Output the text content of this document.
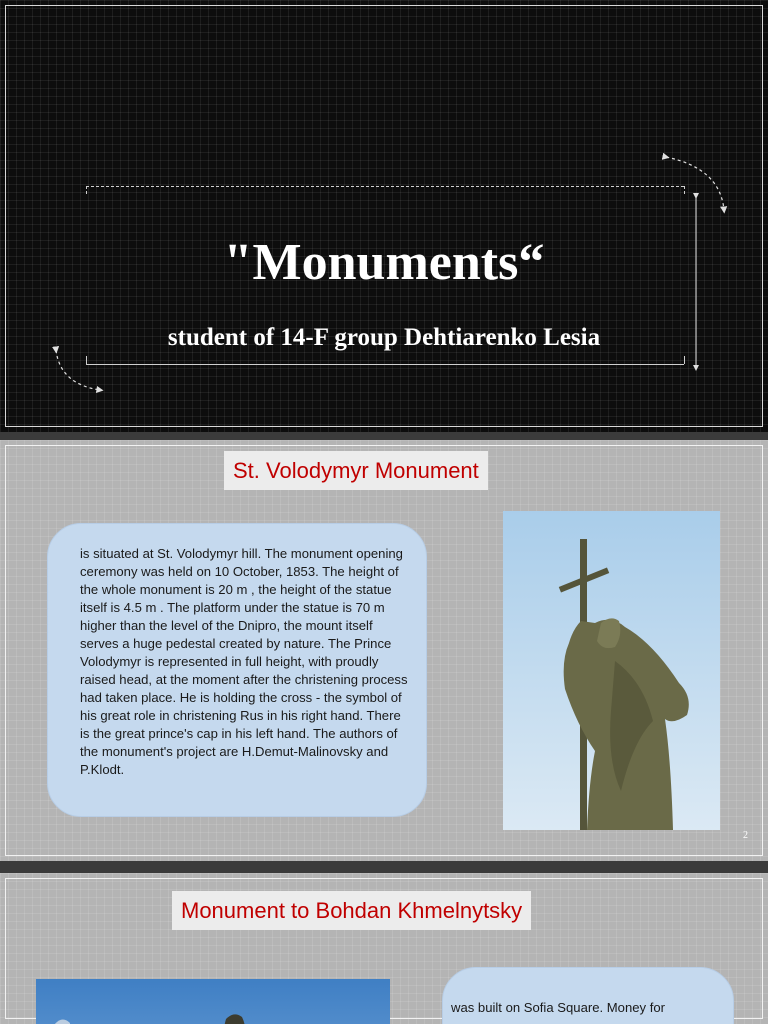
"Monuments“
student of 14-F group Dehtiarenko Lesia
St. Volodymyr Monument
is situated at St. Volodymyr hill. The monument opening ceremony was held on 10 October, 1853. The height of the whole monument is 20 m , the height of the statue itself is 4.5 m . The platform under the statue is 70 m higher than the level of the Dnipro, the mount itself serves a huge pedestal created by nature. The Prince Volodymyr is represented in full height, with proudly raised head, at the moment after the christening process had taken place. He is holding the cross - the symbol of his great role in christening Rus in his right hand. There is the great prince's cap in his left hand. The authors of the monument's project are H.Demut-Malinovsky and P.Klodt.
2
Monument to Bohdan Khmelnytsky
was built on Sofia Square. Money for
